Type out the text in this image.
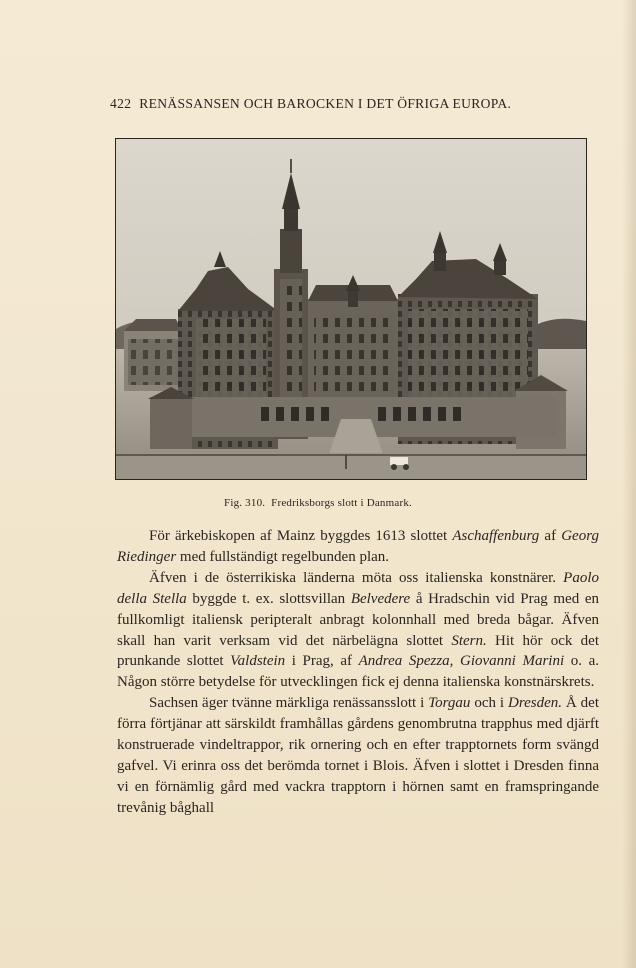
422 RENÄSSANSEN OCH BAROCKEN I DET ÖFRIGA EUROPA.
Fig. 310. Fredriksborgs slott i Danmark.

För ärkebiskopen af Mainz byggdes 1613 slottet Aschaffenburg af Georg Riedinger med fullständigt regelbunden plan.

Äfven i de österrikiska länderna möta oss italienska konstnärer. Paolo della Stella byggde t. ex. slottsvillan Belvedere å Hradschin vid Prag med en fullkomligt italiensk peripteralt anbragt kolonnhall med breda bågar. Äfven skall han varit verksam vid det närbelägna slottet Stern. Hit hör ock det prunkande slottet Valdstein i Prag, af Andrea Spezza, Giovanni Marini o. a. Någon större betydelse för utvecklingen fick ej denna italienska konstnärskrets.

Sachsen äger tvänne märkliga renässansslott i Torgau och i Dresden. Å det förra förtjänar att särskildt framhållas gårdens genombrutna trapphus med djärft konstruerade vindeltrappor, rik ornering och en efter trapptornets form svängd gafvel. Vi erinra oss det berömda tornet i Blois. Äfven i slottet i Dresden finna vi en förnämlig gård med vackra trapptorn i hörnen samt en framspringande trevånig båghall
